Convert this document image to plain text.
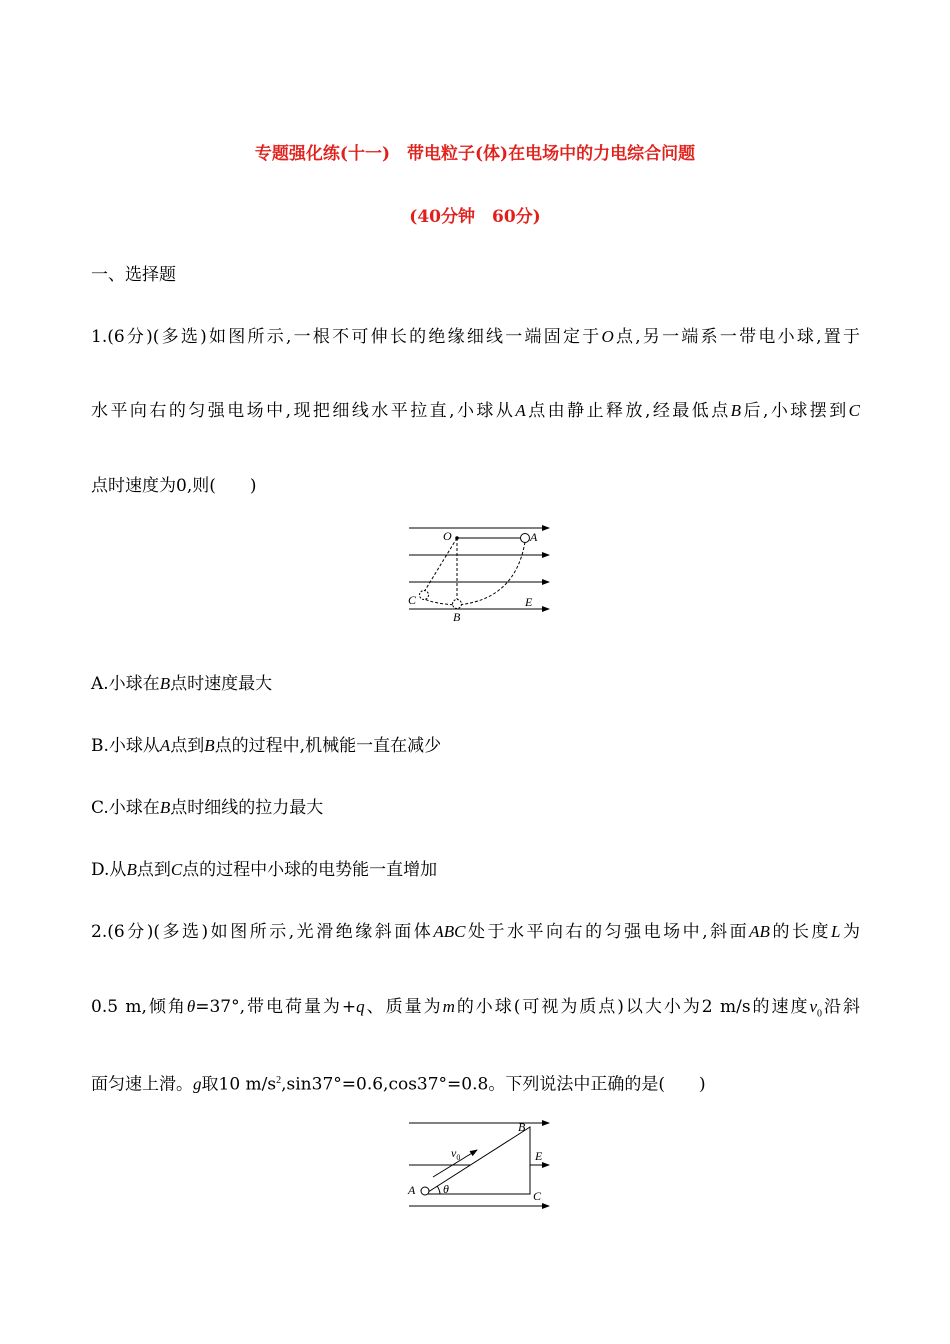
专题强化练(十一)　带电粒子(体)在电场中的力电综合问题
(40分钟　60分)
一、选择题
1.(6分)(多选)如图所示,一根不可伸长的绝缘细线一端固定于O点,另一端系一带电小球,置于
水平向右的匀强电场中,现把细线水平拉直,小球从A点由静止释放,经最低点B后,小球摆到C
点时速度为0,则(　　)
O	A
C
B
E
A.小球在B点时速度最大
B.小球从A点到B点的过程中,机械能一直在减少
C.小球在B点时细线的拉力最大
D.从B点到C点的过程中小球的电势能一直增加
2.(6分)(多选)如图所示,光滑绝缘斜面体ABC处于水平向右的匀强电场中,斜面AB的长度L为
0.5 m,倾角θ=37°,带电荷量为+q、质量为m的小球(可视为质点)以大小为2 m/s的速度$v_0$沿斜
面匀速上滑。g取10 $m/s^2,\sin 37^\circ=0.6,\cos 37^\circ=0.8$。下列说法中正确的是(　　)
B
$v_0$	E
A θ	C
